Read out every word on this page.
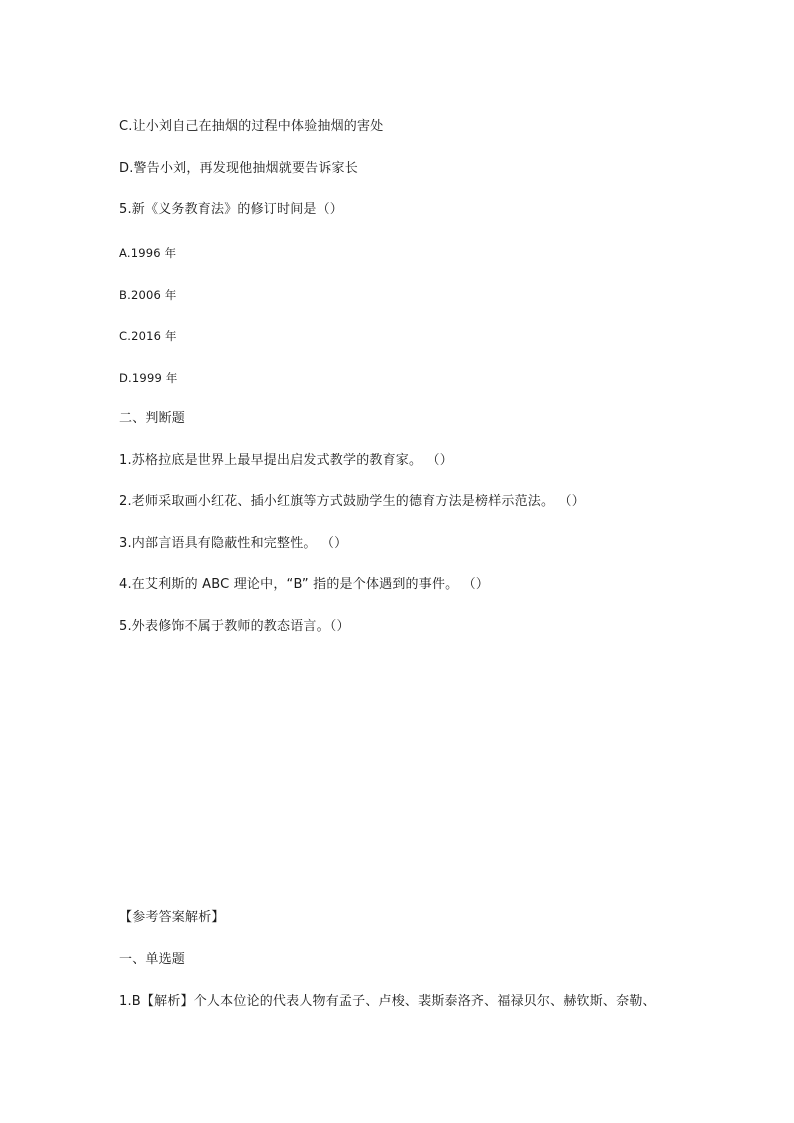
C.让小刘自己在抽烟的过程中体验抽烟的害处
D.警告小刘，再发现他抽烟就要告诉家长
5.新《义务教育法》的修订时间是（）
A.1996 年
B.2006 年
C.2016 年
D.1999 年
二、判断题
1.苏格拉底是世界上最早提出启发式教学的教育家。 （）
2.老师采取画小红花、插小红旗等方式鼓励学生的德育方法是榜样示范法。 （）
3.内部言语具有隐蔽性和完整性。 （）
4.在艾利斯的 ABC 理论中，“B” 指的是个体遇到的事件。 （）
5.外表修饰不属于教师的教态语言。（）
【参考答案解析】
一、单选题
1.B【解析】个人本位论的代表人物有孟子、卢梭、裴斯泰洛齐、福禄贝尔、赫钦斯、奈勒、
